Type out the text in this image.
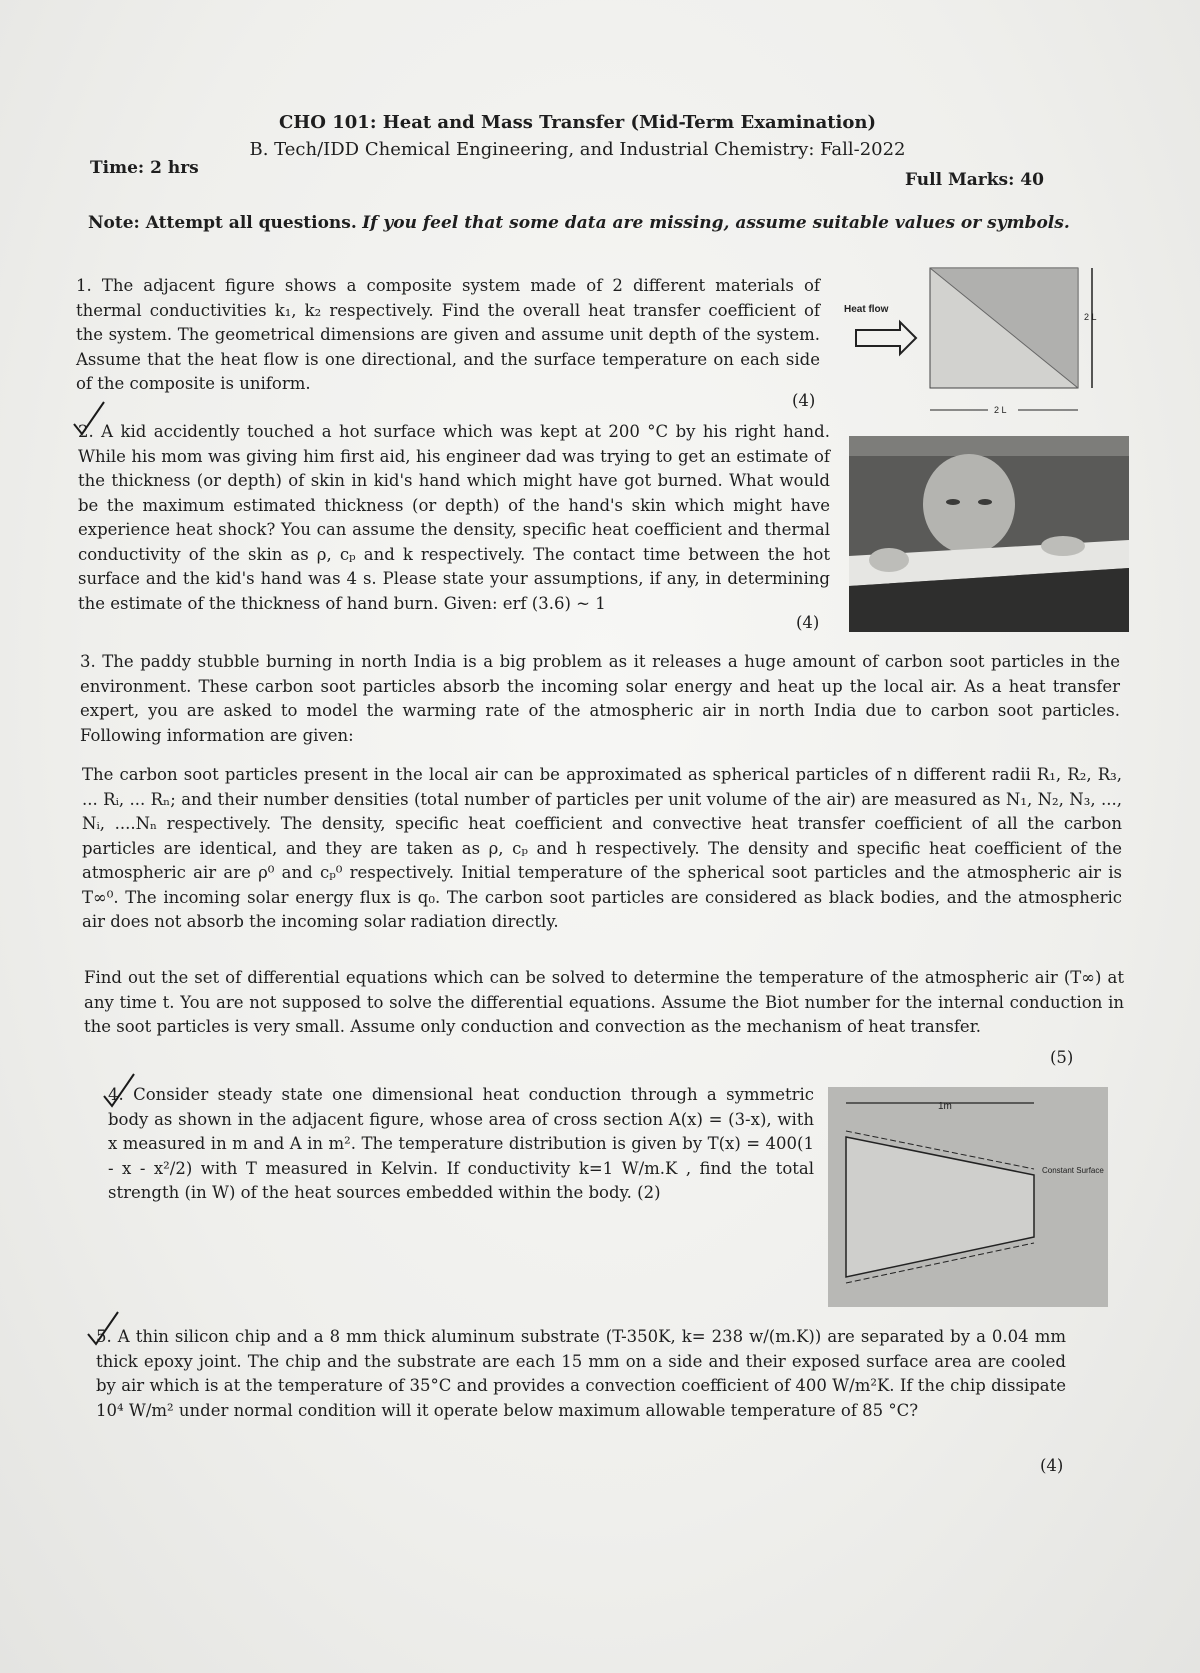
CHO 101: Heat and Mass Transfer (Mid-Term Examination)
B. Tech/IDD Chemical Engineering, and Industrial Chemistry: Fall-2022
Time: 2 hrs
Full Marks: 40
Note: Attempt all questions. If you feel that some data are missing, assume suitable values or symbols.
1. The adjacent figure shows a composite system made of 2 different materials of thermal conductivities k₁, k₂ respectively. Find the overall heat transfer coefficient of the system. The geometrical dimensions are given and assume unit depth of the system. Assume that the heat flow is one directional, and the surface temperature on each side of the composite is uniform.
(4)
Heat flow
2 L
2 L
2. A kid accidently touched a hot surface which was kept at 200 °C by his right hand. While his mom was giving him first aid, his engineer dad was trying to get an estimate of the thickness (or depth) of skin in kid's hand which might have got burned. What would be the maximum estimated thickness (or depth) of the hand's skin which might have experience heat shock? You can assume the density, specific heat coefficient and thermal conductivity of the skin as ρ, cₚ and k respectively. The contact time between the hot surface and the kid's hand was 4 s. Please state your assumptions, if any, in determining the estimate of the thickness of hand burn. Given: erf (3.6) ~ 1
(4)
3. The paddy stubble burning in north India is a big problem as it releases a huge amount of carbon soot particles in the environment. These carbon soot particles absorb the incoming solar energy and heat up the local air. As a heat transfer expert, you are asked to model the warming rate of the atmospheric air in north India due to carbon soot particles. Following information are given:
The carbon soot particles present in the local air can be approximated as spherical particles of n different radii R₁, R₂, R₃, ... Rᵢ, ... Rₙ; and their number densities (total number of particles per unit volume of the air) are measured as N₁, N₂, N₃, ..., Nᵢ, ....Nₙ respectively. The density, specific heat coefficient and convective heat transfer coefficient of all the carbon particles are identical, and they are taken as ρ, cₚ and h respectively. The density and specific heat coefficient of the atmospheric air are ρ⁰ and cₚ⁰ respectively. Initial temperature of the spherical soot particles and the atmospheric air is T∞⁰. The incoming solar energy flux is q₀. The carbon soot particles are considered as black bodies, and the atmospheric air does not absorb the incoming solar radiation directly.
Find out the set of differential equations which can be solved to determine the temperature of the atmospheric air (T∞) at any time t. You are not supposed to solve the differential equations. Assume the Biot number for the internal conduction in the soot particles is very small. Assume only conduction and convection as the mechanism of heat transfer.
(5)
4. Consider steady state one dimensional heat conduction through a symmetric body as shown in the adjacent figure, whose area of cross section A(x) = (3-x), with x measured in m and A in m². The temperature distribution is given by T(x) = 400(1 - x - x²/2) with T measured in Kelvin. If conductivity k=1 W/m.K , find the total strength (in W) of the heat sources embedded within the body. (2)
1m
Constant Surface
5. A thin silicon chip and a 8 mm thick aluminum substrate (T-350K, k= 238 w/(m.K)) are separated by a 0.04 mm thick epoxy joint. The chip and the substrate are each 15 mm on a side and their exposed surface area are cooled by air which is at the temperature of 35°C and provides a convection coefficient of 400 W/m²K. If the chip dissipate 10⁴ W/m² under normal condition will it operate below maximum allowable temperature of 85 °C?
(4)
